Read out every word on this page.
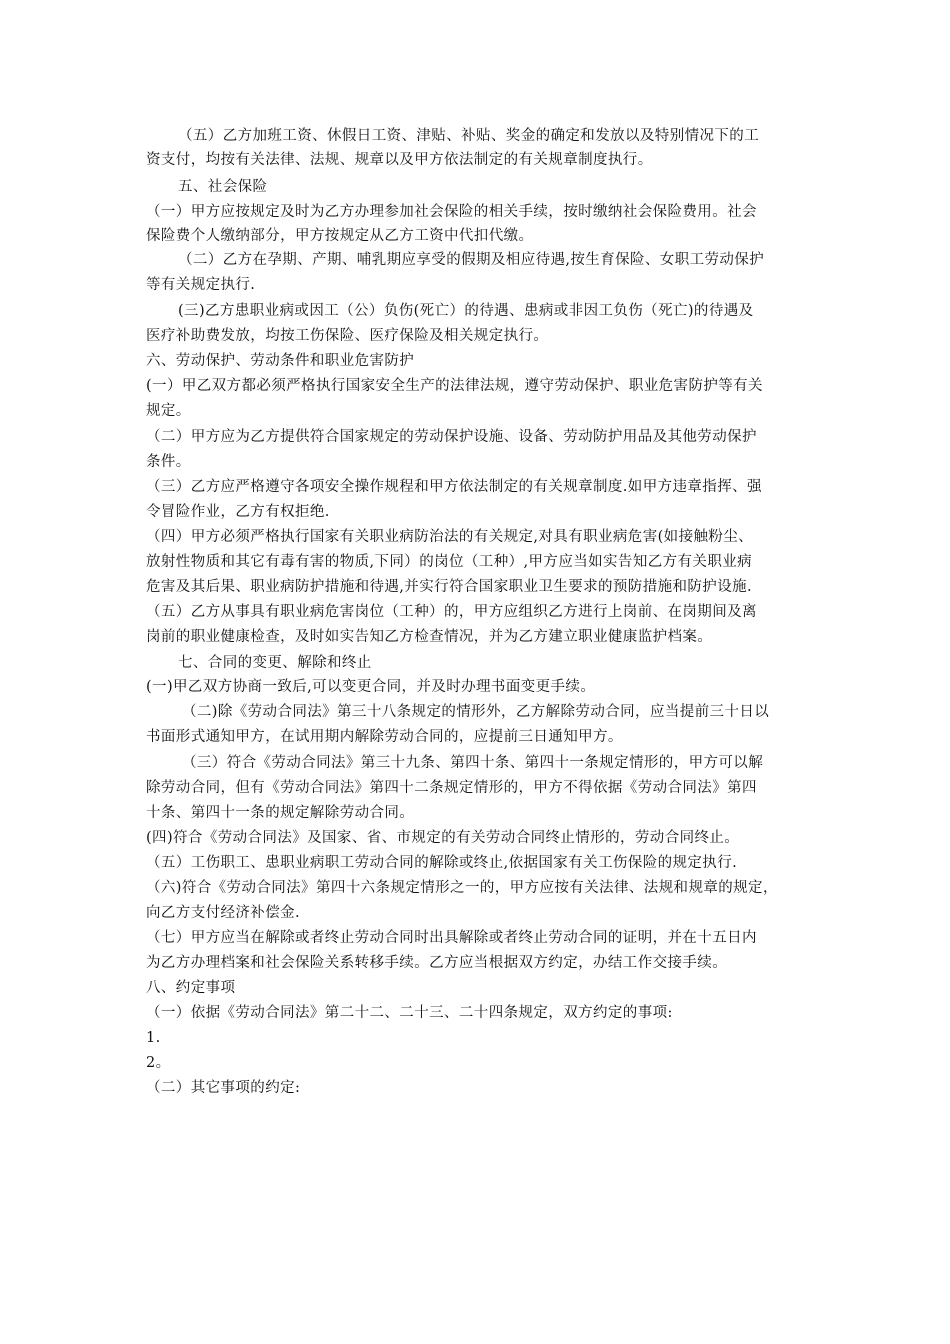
（五）乙方加班工资、休假日工资、津贴、补贴、奖金的确定和发放以及特别情况下的工
资支付，均按有关法律、法规、规章以及甲方依法制定的有关规章制度执行。
五、社会保险
（一）甲方应按规定及时为乙方办理参加社会保险的相关手续，按时缴纳社会保险费用。社会
保险费个人缴纳部分，甲方按规定从乙方工资中代扣代缴。
（二）乙方在孕期、产期、哺乳期应享受的假期及相应待遇,按生育保险、女职工劳动保护
等有关规定执行.
(三)乙方患职业病或因工（公）负伤(死亡）的待遇、患病或非因工负伤（死亡)的待遇及
医疗补助费发放，均按工伤保险、医疗保险及相关规定执行。
六、劳动保护、劳动条件和职业危害防护
(一）甲乙双方都必须严格执行国家安全生产的法律法规，遵守劳动保护、职业危害防护等有关
规定。
（二）甲方应为乙方提供符合国家规定的劳动保护设施、设备、劳动防护用品及其他劳动保护
条件。
（三）乙方应严格遵守各项安全操作规程和甲方依法制定的有关规章制度.如甲方违章指挥、强
令冒险作业，乙方有权拒绝.
（四）甲方必须严格执行国家有关职业病防治法的有关规定,对具有职业病危害(如接触粉尘、
放射性物质和其它有毒有害的物质,下同）的岗位（工种）,甲方应当如实告知乙方有关职业病
危害及其后果、职业病防护措施和待遇,并实行符合国家职业卫生要求的预防措施和防护设施.
（五）乙方从事具有职业病危害岗位（工种）的，甲方应组织乙方进行上岗前、在岗期间及离
岗前的职业健康检查，及时如实告知乙方检查情况，并为乙方建立职业健康监护档案。
七、合同的变更、解除和终止
(一)甲乙双方协商一致后,可以变更合同，并及时办理书面变更手续。
（二)除《劳动合同法》第三十八条规定的情形外，乙方解除劳动合同，应当提前三十日以
书面形式通知甲方，在试用期内解除劳动合同的，应提前三日通知甲方。
（三）符合《劳动合同法》第三十九条、第四十条、第四十一条规定情形的，甲方可以解
除劳动合同，但有《劳动合同法》第四十二条规定情形的，甲方不得依据《劳动合同法》第四
十条、第四十一条的规定解除劳动合同。
(四)符合《劳动合同法》及国家、省、市规定的有关劳动合同终止情形的，劳动合同终止。
（五）工伤职工、患职业病职工劳动合同的解除或终止,依据国家有关工伤保险的规定执行.
（六)符合《劳动合同法》第四十六条规定情形之一的，甲方应按有关法律、法规和规章的规定，
向乙方支付经济补偿金.
（七）甲方应当在解除或者终止劳动合同时出具解除或者终止劳动合同的证明，并在十五日内
为乙方办理档案和社会保险关系转移手续。乙方应当根据双方约定，办结工作交接手续。
八、约定事项
（一）依据《劳动合同法》第二十二、二十三、二十四条规定，双方约定的事项:
1.
2。
（二）其它事项的约定:
